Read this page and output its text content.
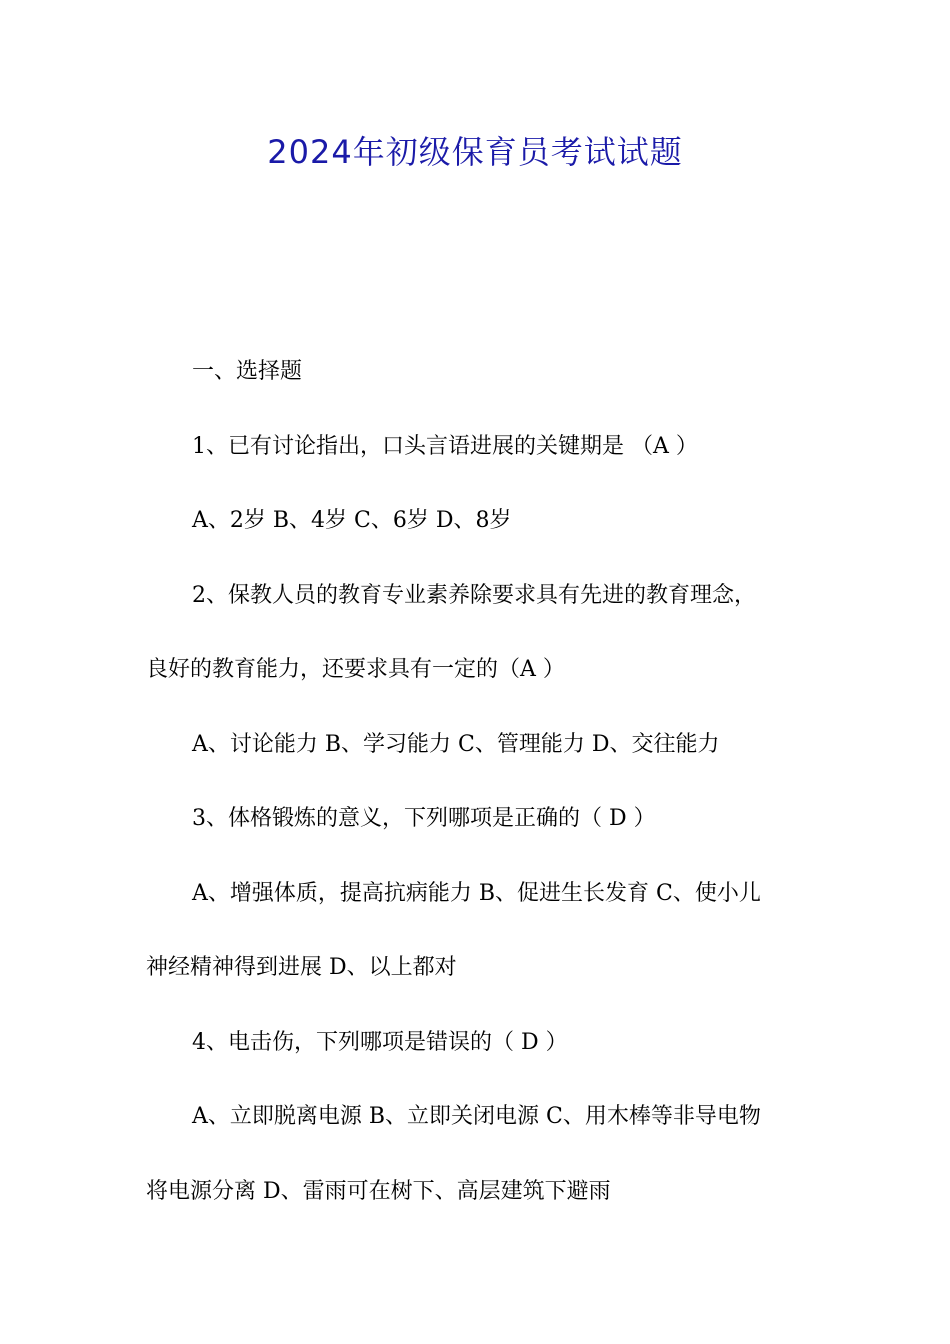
2024年初级保育员考试试题
一、选择题
1、已有讨论指出，口头言语进展的关键期是 （A ）
A、2岁 B、4岁 C、6岁 D、8岁
2、保教人员的教育专业素养除要求具有先进的教育理念，
良好的教育能力，还要求具有一定的（A ）
A、讨论能力 B、学习能力 C、管理能力 D、交往能力
3、体格锻炼的意义，下列哪项是正确的（ D ）
A、增强体质，提高抗病能力 B、促进生长发育 C、使小儿
神经精神得到进展 D、以上都对
4、电击伤，下列哪项是错误的（ D ）
A、立即脱离电源 B、立即关闭电源 C、用木棒等非导电物
将电源分离 D、雷雨可在树下、高层建筑下避雨
